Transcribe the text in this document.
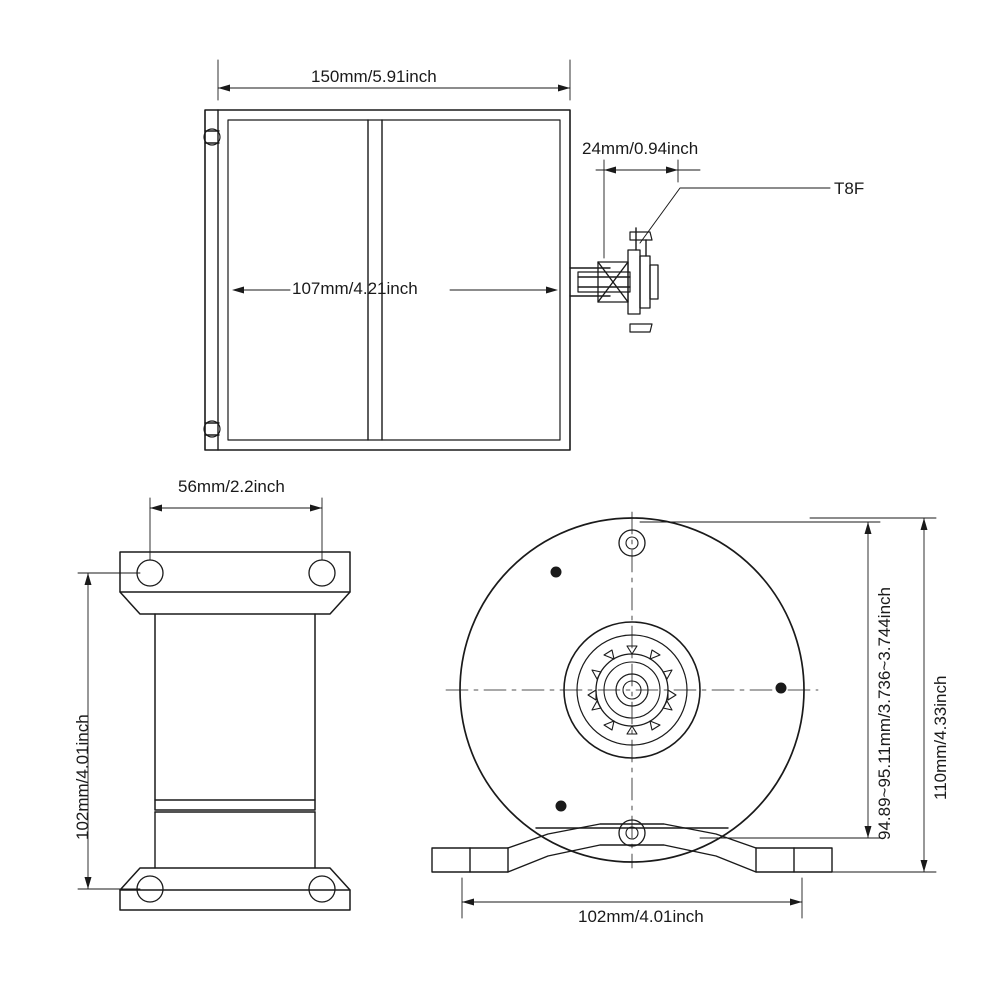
150mm/5.91inch
107mm/4.21inch
24mm/0.94inch
T8F
56mm/2.2inch
102mm/4.01inch
102mm/4.01inch
94.89~95.11mm/3.736~3.744inch 110mm/4.33inch
